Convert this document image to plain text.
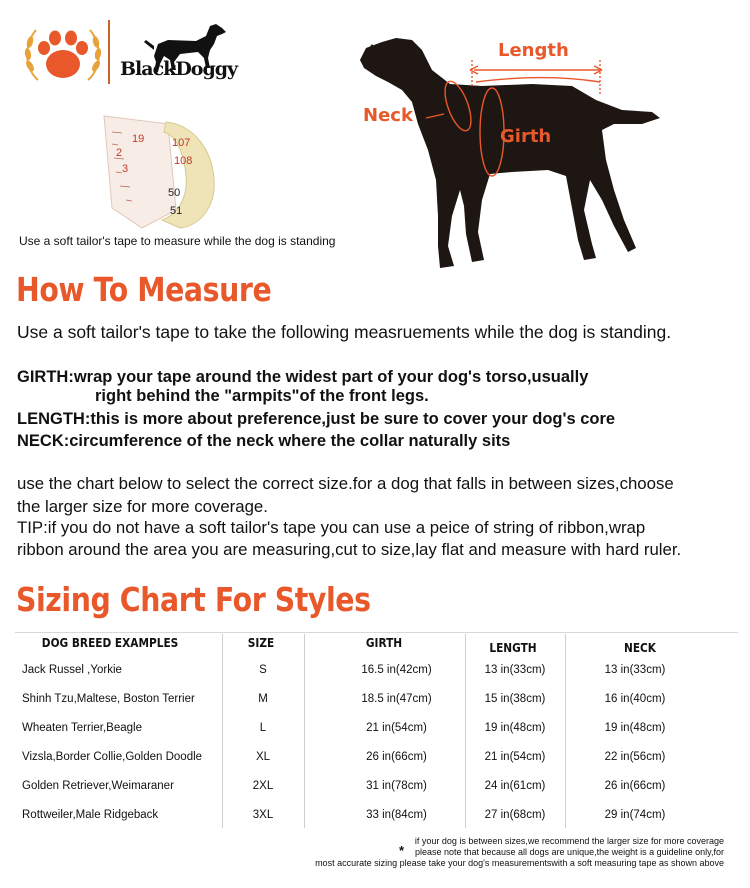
BlackDoggy
19	107
108
50
51
2
3
Use a soft tailor's tape to measure while the dog is standing
Length
Neck
Girth
How To Measure
Use a soft tailor's tape to take the following measruements while the dog is standing.
GIRTH:wrap your tape around the widest part of your dog's torso,usually
right behind the "armpits"of the front legs.
LENGTH:this is more about preference,just be sure to cover your dog's core
NECK:circumference of the neck where the collar naturally sits
use the chart below to select the correct size.for a dog that falls in between sizes,choose
the larger size for more coverage.
TIP:if you do not have a soft tailor's tape you can use a peice of string of ribbon,wrap
ribbon around the area you are measuring,cut to size,lay flat and measure with hard ruler.
Sizing Chart For Styles
DOG BREED EXAMPLES	SIZE	GIRTH	LENGTH	NECK
Jack Russel ,Yorkie	S	16.5 in(42cm)	13 in(33cm)	13 in(33cm)
Shinh Tzu,Maltese, Boston Terrier	M	18.5 in(47cm)	15 in(38cm)	16 in(40cm)
Wheaten Terrier,Beagle	L	21 in(54cm)	19 in(48cm)	19 in(48cm)
Vizsla,Border Collie,Golden Doodle	XL	26 in(66cm)	21 in(54cm)	22 in(56cm)
Golden Retriever,Weimaraner	2XL	31 in(78cm)	24 in(61cm)	26 in(66cm)
Rottweiler,Male Ridgeback	3XL	33 in(84cm)	27 in(68cm)	29 in(74cm)
if your dog is between sizes,we recommend the larger size for more coverage
* please note that because all dogs are unique,the weight is a guideline only,for
most accurate sizing please take your dog's measurementswith a soft measuring tape as shown above
